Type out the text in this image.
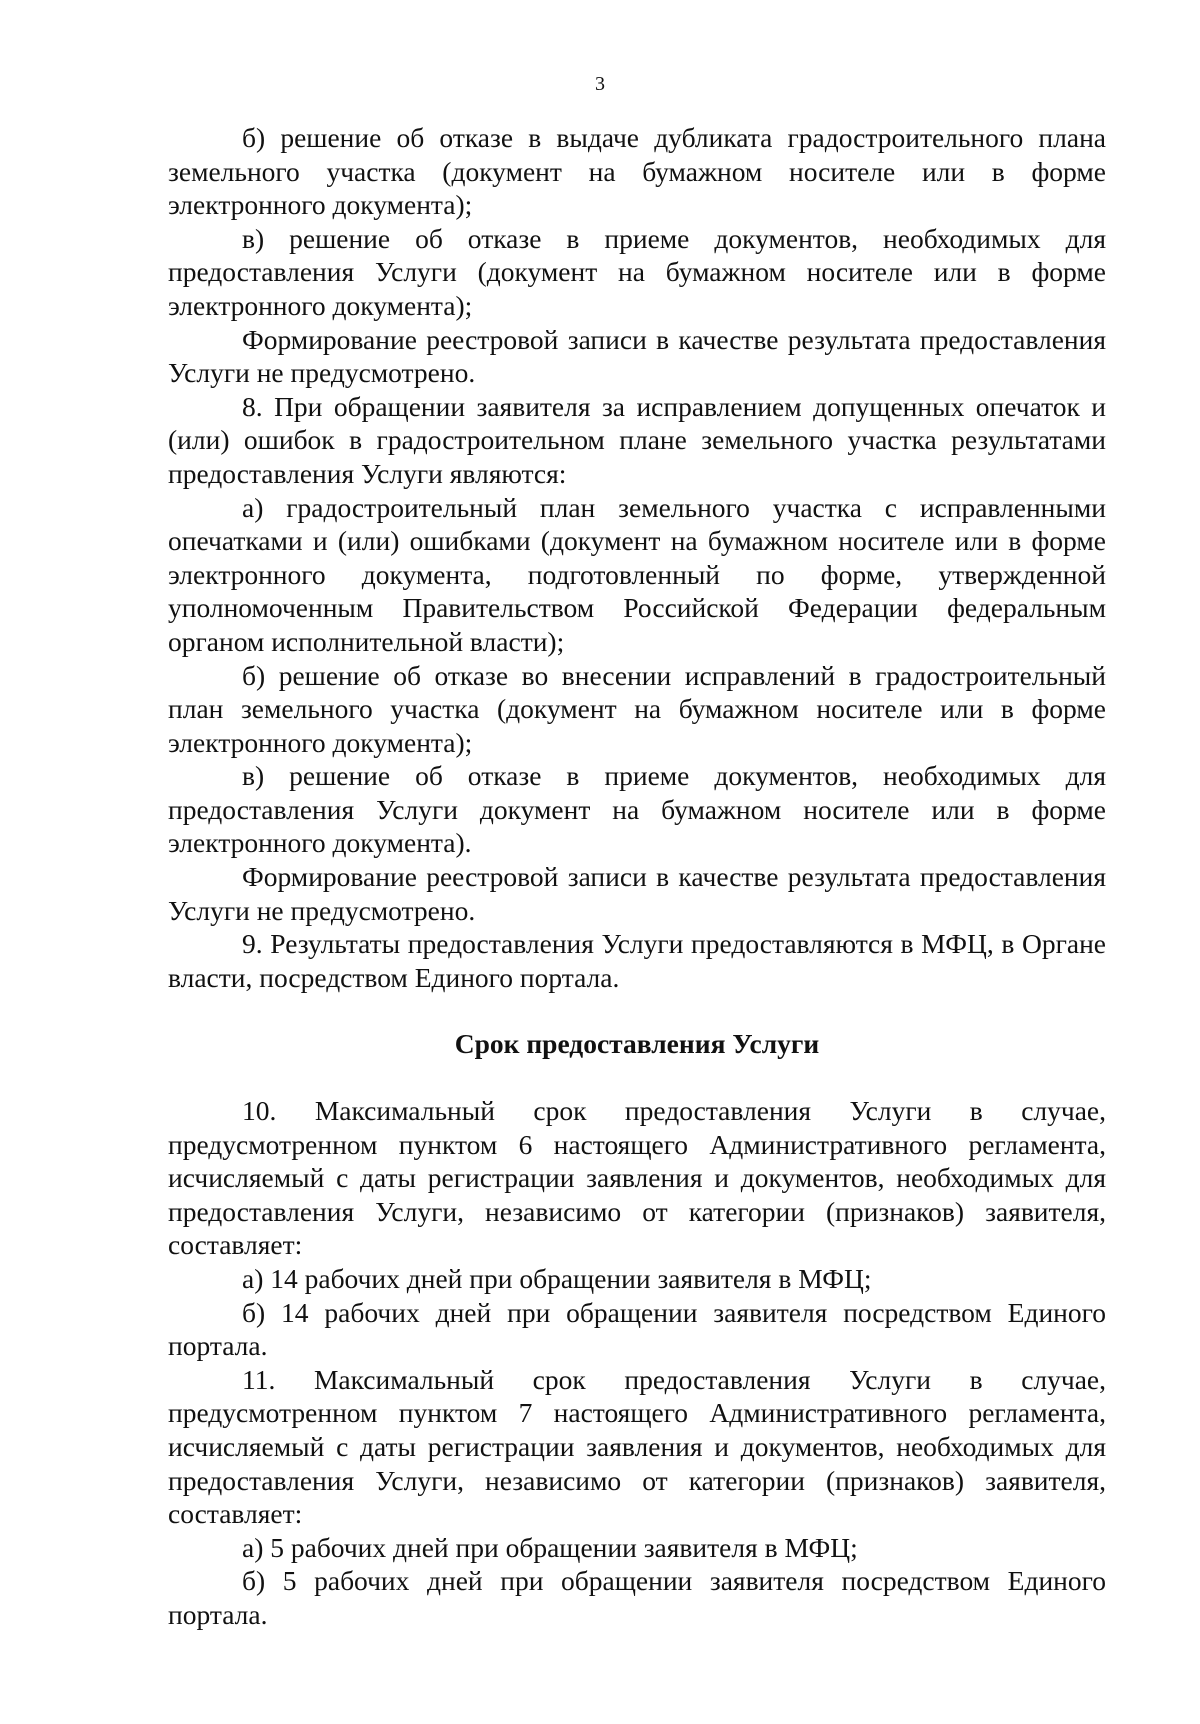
3

б) решение об отказе в выдаче дубликата градостроительного плана земельного участка (документ на бумажном носителе или в форме электронного документа);

в) решение об отказе в приеме документов, необходимых для предоставления Услуги (документ на бумажном носителе или в форме электронного документа);

Формирование реестровой записи в качестве результата предоставления Услуги не предусмотрено.

8. При обращении заявителя за исправлением допущенных опечаток и (или) ошибок в градостроительном плане земельного участка результатами предоставления Услуги являются:

а) градостроительный план земельного участка с исправленными опечатками и (или) ошибками (документ на бумажном носителе или в форме электронного документа, подготовленный по форме, утвержденной уполномоченным Правительством Российской Федерации федеральным органом исполнительной власти);

б) решение об отказе во внесении исправлений в градостроительный план земельного участка (документ на бумажном носителе или в форме электронного документа);

в) решение об отказе в приеме документов, необходимых для предоставления Услуги документ на бумажном носителе или в форме электронного документа).

Формирование реестровой записи в качестве результата предоставления Услуги не предусмотрено.

9. Результаты предоставления Услуги предоставляются в МФЦ, в Органе власти, посредством Единого портала.

Срок предоставления Услуги

10. Максимальный срок предоставления Услуги в случае, предусмотренном пунктом 6 настоящего Административного регламента, исчисляемый с даты регистрации заявления и документов, необходимых для предоставления Услуги, независимо от категории (признаков) заявителя, составляет:

а) 14 рабочих дней при обращении заявителя в МФЦ;

б) 14 рабочих дней при обращении заявителя посредством Единого портала.

11. Максимальный срок предоставления Услуги в случае, предусмотренном пунктом 7 настоящего Административного регламента, исчисляемый с даты регистрации заявления и документов, необходимых для предоставления Услуги, независимо от категории (признаков) заявителя, составляет:

а) 5 рабочих дней при обращении заявителя в МФЦ;

б) 5 рабочих дней при обращении заявителя посредством Единого портала.
